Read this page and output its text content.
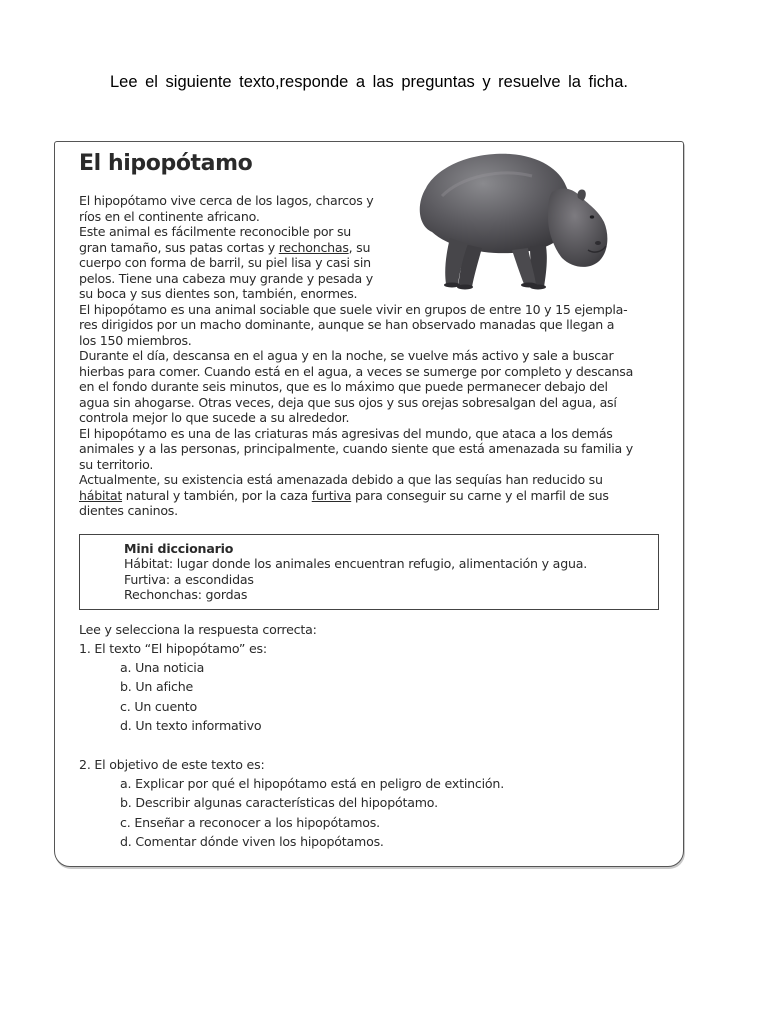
Lee el siguiente texto,responde a las preguntas y resuelve la ficha.

El hipopótamo
El hipopótamo vive cerca de los lagos, charcos y
ríos en el continente africano.
Este animal es fácilmente reconocible por su
gran tamaño, sus patas cortas y rechonchas, su
cuerpo con forma de barril, su piel lisa y casi sin
pelos. Tiene una cabeza muy grande y pesada y
su boca y sus dientes son, también, enormes.
El hipopótamo es una animal sociable que suele vivir en grupos de entre 10 y 15 ejempla-
res dirigidos por un macho dominante, aunque se han observado manadas que llegan a
los 150 miembros.
Durante el día, descansa en el agua y en la noche, se vuelve más activo y sale a buscar
hierbas para comer. Cuando está en el agua, a veces se sumerge por completo y descansa
en el fondo durante seis minutos, que es lo máximo que puede permanecer debajo del
agua sin ahogarse. Otras veces, deja que sus ojos y sus orejas sobresalgan del agua, así
controla mejor lo que sucede a su alrededor.
El hipopótamo es una de las criaturas más agresivas del mundo, que ataca a los demás
animales y a las personas, principalmente, cuando siente que está amenazada su familia y
su territorio.
Actualmente, su existencia está amenazada debido a que las sequías han reducido su
hábitat natural y también, por la caza furtiva para conseguir su carne y el marfil de sus
dientes caninos.
Mini diccionario
Hábitat: lugar donde los animales encuentran refugio, alimentación y agua.
Furtiva: a escondidas
Rechonchas: gordas
Lee y selecciona la respuesta correcta:
1. El texto “El hipopótamo” es:
a. Una noticia
b. Un afiche
c. Un cuento
d. Un texto informativo
2. El objetivo de este texto es:
a. Explicar por qué el hipopótamo está en peligro de extinción.
b. Describir algunas características del hipopótamo.
c. Enseñar a reconocer a los hipopótamos.
d. Comentar dónde viven los hipopótamos.
